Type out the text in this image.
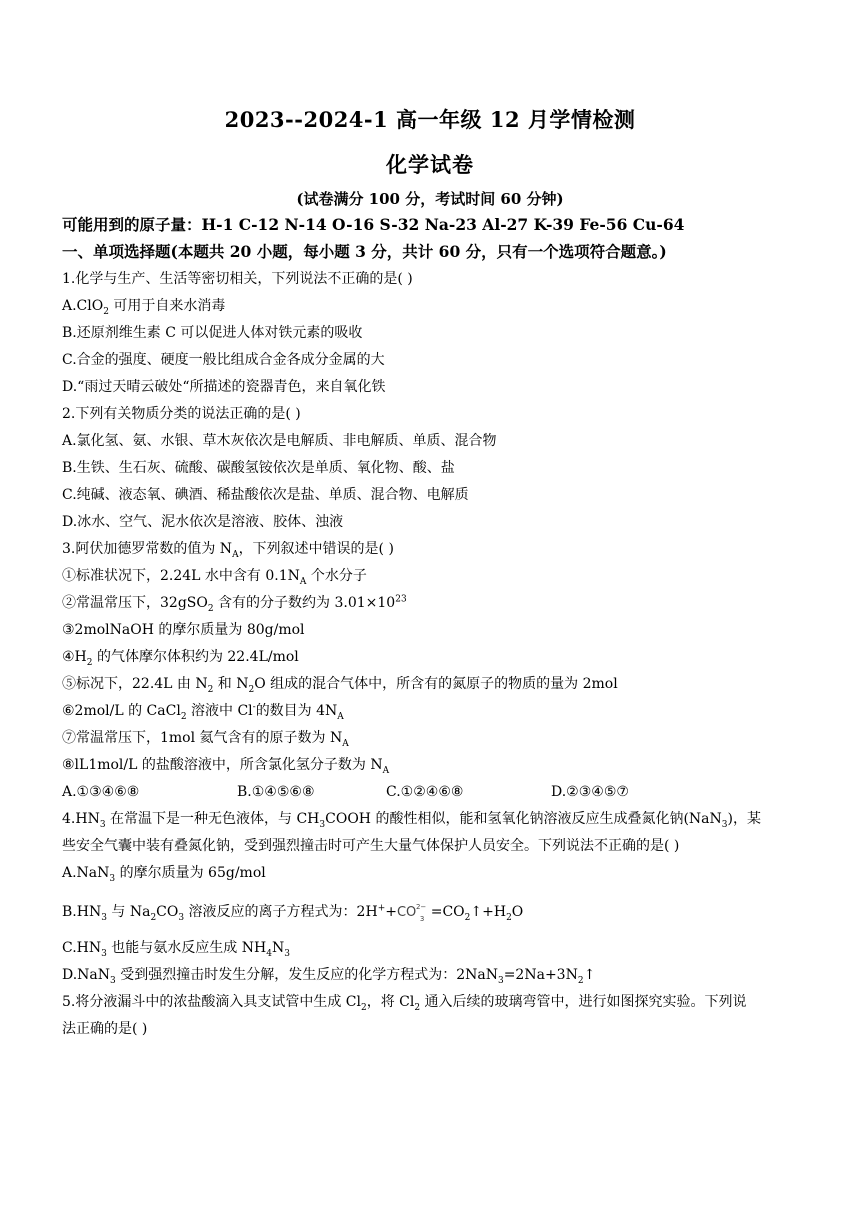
2023--2024-1 高一年级 12 月学情检测
化学试卷
(试卷满分 100 分，考试时间 60 分钟)
可能用到的原子量：H-1 C-12 N-14 O-16 S-32 Na-23 Al-27 K-39 Fe-56 Cu-64
一、单项选择题(本题共 20 小题，每小题 3 分，共计 60 分，只有一个选项符合题意。)
1.化学与生产、生活等密切相关，下列说法不正确的是( )
A.ClO$_2$ 可用于自来水消毒
B.还原剂维生素 C 可以促进人体对铁元素的吸收
C.合金的强度、硬度一般比组成合金各成分金属的大
D.“雨过天晴云破处“所描述的瓷器青色，来自氧化铁
2.下列有关物质分类的说法正确的是( )
A.氯化氢、氨、水银、草木灰依次是电解质、非电解质、单质、混合物
B.生铁、生石灰、硫酸、碳酸氢铵依次是单质、氧化物、酸、盐
C.纯碱、液态氧、碘酒、稀盐酸依次是盐、单质、混合物、电解质
D.冰水、空气、泥水依次是溶液、胶体、浊液
3.阿伏加德罗常数的值为 $N_A$，下列叙述中错误的是( )
①标准状况下，2.24L 水中含有 $0.1N_A$ 个水分子
②常温常压下，32gSO$_2$ 含有的分子数约为 $3.01\times 10^{23}$
③2molNaOH 的摩尔质量为 80g/mol
$④H_2$ 的气体摩尔体积约为 22.4L/mol
⑤标况下，22.4L 由 $N_2$ 和 $N_2O$ 组成的混合气体中，所含有的氮原子的物质的量为 2mol
⑥2mol/L 的 CaCl$_2$ 溶液中 Cl-的数目为 $4N_A$
⑦常温常压下，1mol 氦气含有的原子数为 $N_A$
⑧lL1mol/L 的盐酸溶液中，所含氯化氢分子数为 $N_A$
A.①③④⑥⑧	B.①④⑤⑥⑧	C.①②④⑥⑧	D.②③④⑤⑦
$4.HN_3$ 在常温下是一种无色液体，与 $CH_3COOH$ 的酸性相似，能和氢氧化钠溶液反应生成叠氮化钠(NaN$_3$)，某
些安全气囊中装有叠氮化钠，受到强烈撞击时可产生大量气体保护人员安全。下列说法不正确的是( )
A.NaN$_3$ 的摩尔质量为 65g/mol
$B.HN_3$ 与 $Na_2CO_3$ 溶液反应的离子方程式为：2H++CO 2−
$3 =CO_2↑+H_2O$
$C.HN_3$ 也能与氨水反应生成 $NH_4N_3$
D.NaN$_3$ 受到强烈撞击时发生分解，发生反应的化学方程式为：$2NaN_3=2Na+3N_2↑$
5.将分液漏斗中的浓盐酸滴入具支试管中生成 $Cl_2$，将 $Cl_2$ 通入后续的玻璃弯管中，进行如图探究实验。下列说
法正确的是( )
